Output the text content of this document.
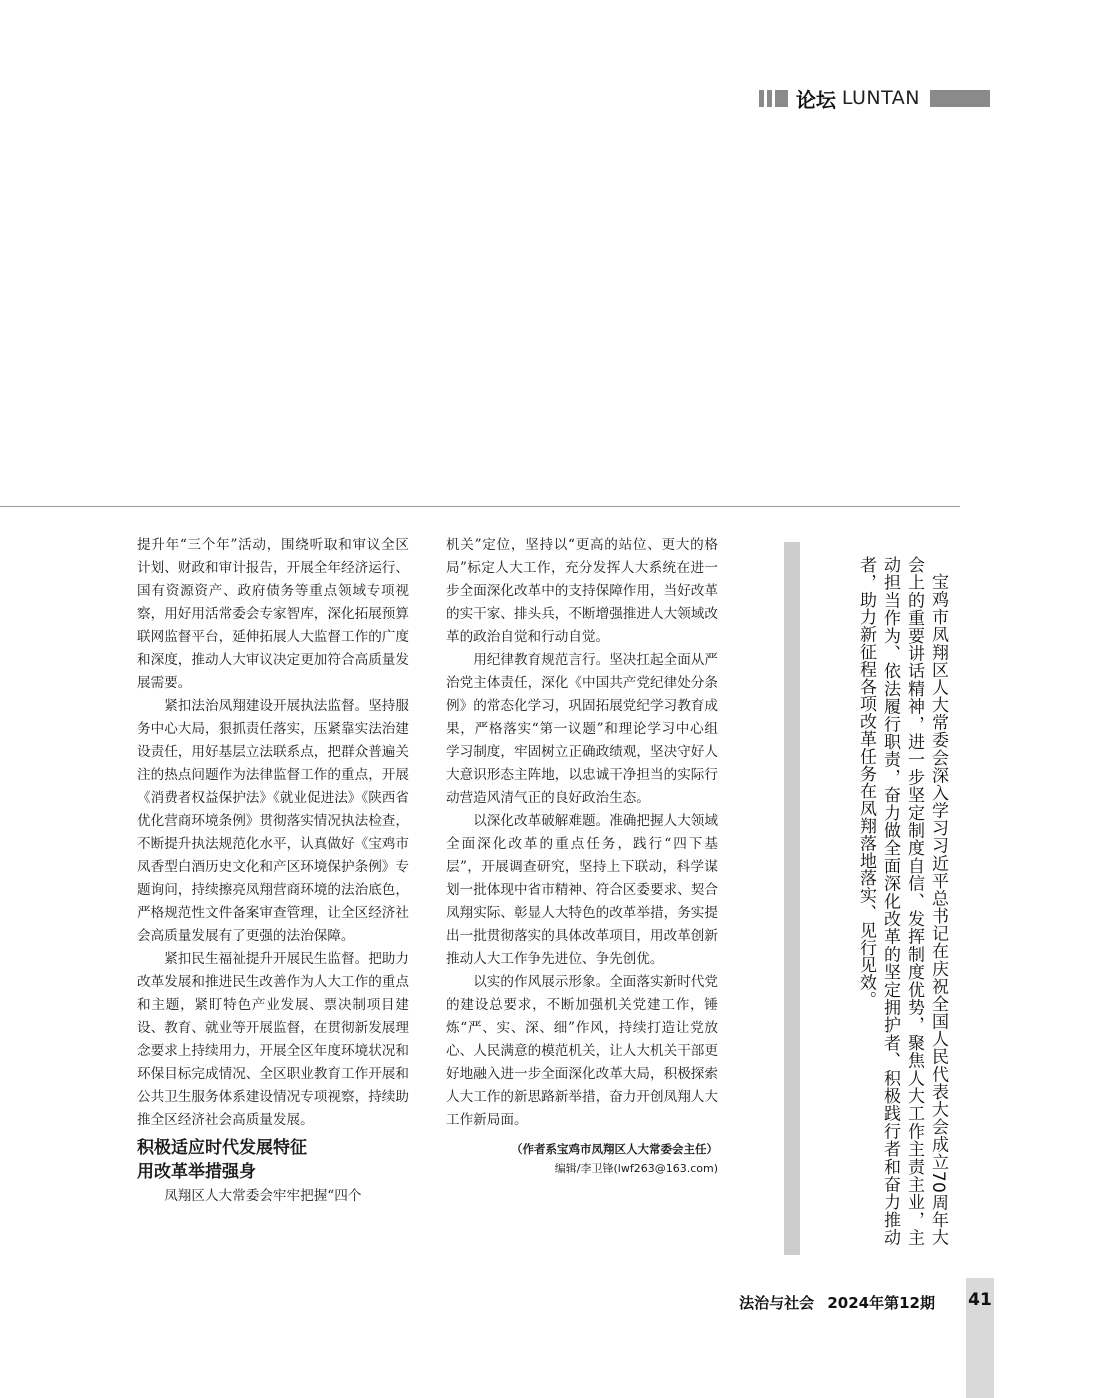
论坛 LUNTAN

提升年“三个年”活动，围绕听取和审议全区计划、财政和审计报告，开展全年经济运行、国有资源资产、政府债务等重点领域专项视察，用好用活常委会专家智库，深化拓展预算联网监督平台，延伸拓展人大监督工作的广度和深度，推动人大审议决定更加符合高质量发展需要。

紧扣法治凤翔建设开展执法监督。坚持服务中心大局，狠抓责任落实，压紧靠实法治建设责任，用好基层立法联系点，把群众普遍关注的热点问题作为法律监督工作的重点，开展《消费者权益保护法》《就业促进法》《陕西省优化营商环境条例》贯彻落实情况执法检查，不断提升执法规范化水平，认真做好《宝鸡市凤香型白酒历史文化和产区环境保护条例》专题询问，持续擦亮凤翔营商环境的法治底色，严格规范性文件备案审查管理，让全区经济社会高质量发展有了更强的法治保障。

紧扣民生福祉提升开展民生监督。把助力改革发展和推进民生改善作为人大工作的重点和主题，紧盯特色产业发展、票决制项目建设、教育、就业等开展监督，在贯彻新发展理念要求上持续用力，开展全区年度环境状况和环保目标完成情况、全区职业教育工作开展和公共卫生服务体系建设情况专项视察，持续助推全区经济社会高质量发展。

积极适应时代发展特征
用改革举措强身

凤翔区人大常委会牢牢把握“四个

机关”定位，坚持以“更高的站位、更大的格局”标定人大工作，充分发挥人大系统在进一步全面深化改革中的支持保障作用，当好改革的实干家、排头兵，不断增强推进人大领域改革的政治自觉和行动自觉。

用纪律教育规范言行。坚决扛起全面从严治党主体责任，深化《中国共产党纪律处分条例》的常态化学习，巩固拓展党纪学习教育成果，严格落实“第一议题”和理论学习中心组学习制度，牢固树立正确政绩观，坚决守好人大意识形态主阵地，以忠诚干净担当的实际行动营造风清气正的良好政治生态。

以深化改革破解难题。准确把握人大领域全面深化改革的重点任务，践行“四下基层”，开展调查研究，坚持上下联动，科学谋划一批体现中省市精神、符合区委要求、契合凤翔实际、彰显人大特色的改革举措，务实提出一批贯彻落实的具体改革项目，用改革创新推动人大工作争先进位、争先创优。

以实的作风展示形象。全面落实新时代党的建设总要求，不断加强机关党建工作，锤炼“严、实、深、细”作风，持续打造让党放心、人民满意的模范机关，让人大机关干部更好地融入进一步全面深化改革大局，积极探索人大工作的新思路新举措，奋力开创凤翔人大工作新局面。

（作者系宝鸡市凤翔区人大常委会主任）
编辑/李卫锋(lwf263@163.com)	宝鸡市凤翔区人大常委会深入学习习近平总书记在庆祝全国人民代表大会成立70周年大会上的重要讲话精神，进一步坚定制度自信、发挥制度优势，聚焦人大工作主责主业，主动担当作为、依法履行职责，奋力做全面深化改革的坚定拥护者、积极践行者和奋力推动者，助力新征程各项改革任务在凤翔落地落实、见行见效。
法治与社会 2024年第12期 41
